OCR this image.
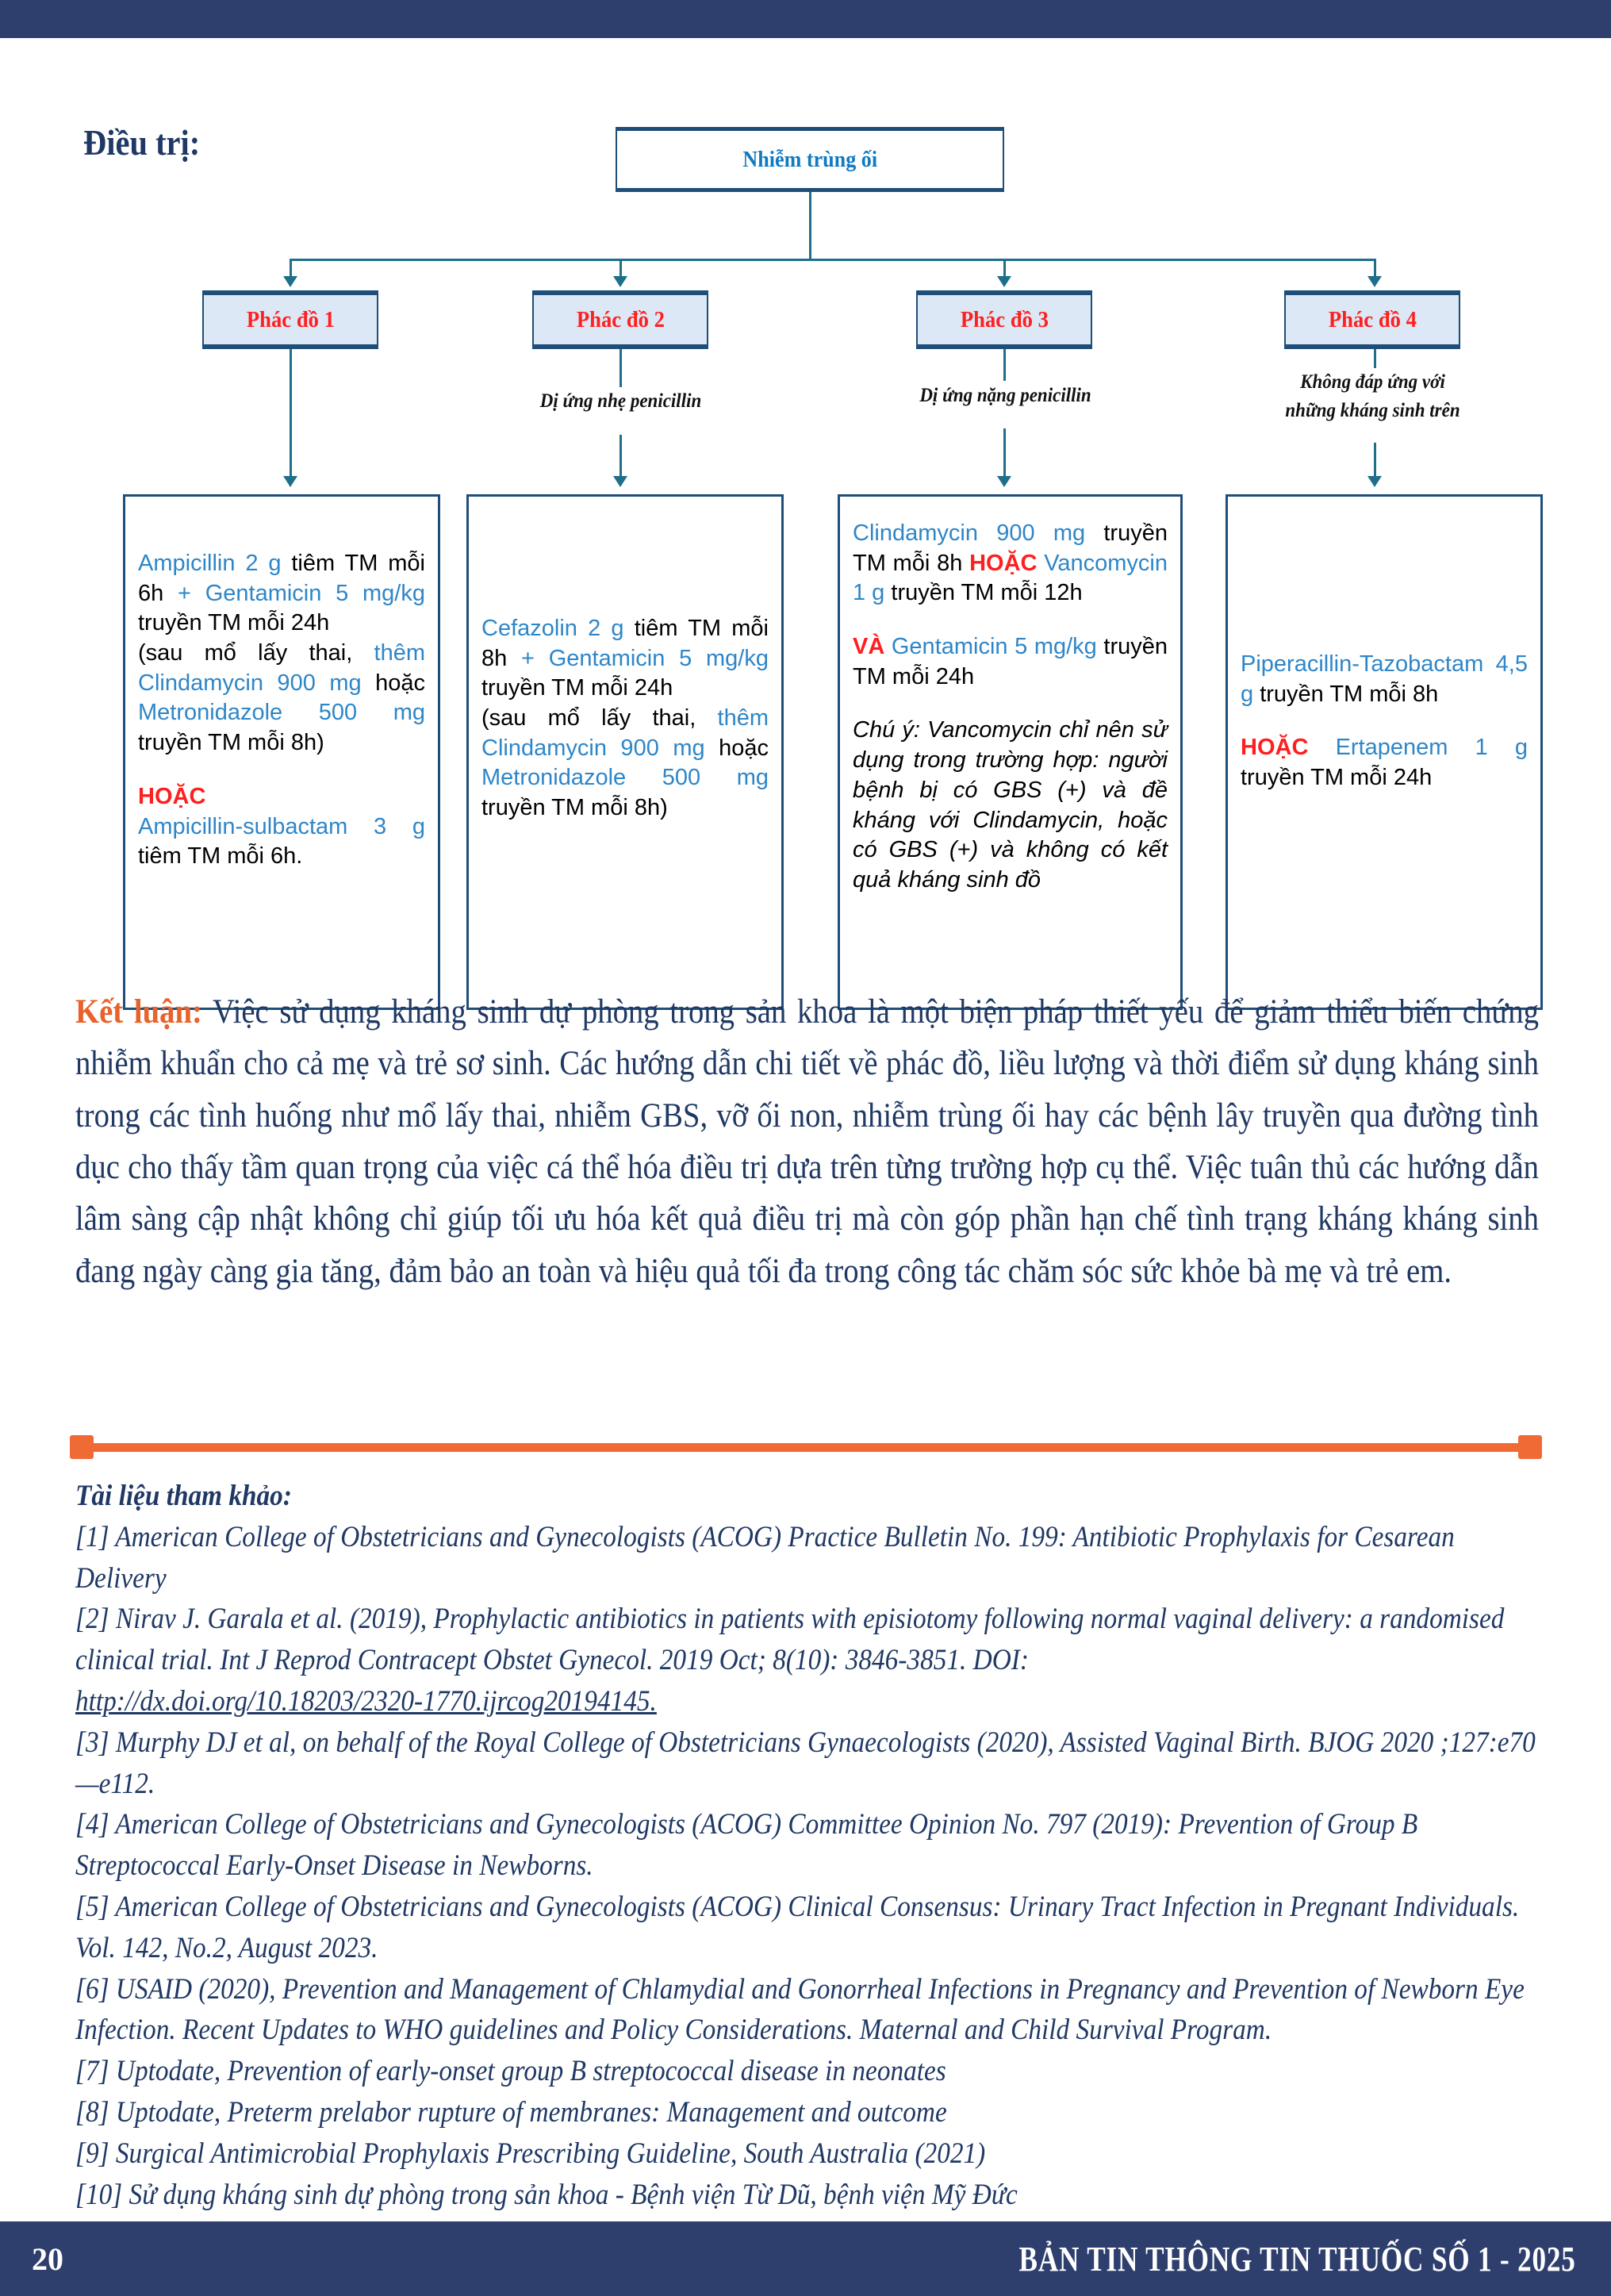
Điều trị:	Nhiễm trùng ối
Phác đồ 1	Phác đồ 2	Phác đồ 3	Phác đồ 4
Dị ứng nhẹ penicillin	Dị ứng nặng penicillin
Không đáp ứng với
những kháng sinh trên

Ampicillin 2 g tiêm TM mỗi 6h + Gentamicin 5 mg/kg truyền TM mỗi 24h

(sau mổ lấy thai, thêm Clindamycin 900 mg hoặc Metronidazole 500 mg truyền TM mỗi 8h)

HOẶC

Ampicillin-sulbactam 3 g tiêm TM mỗi 6h.

Cefazolin 2 g tiêm TM mỗi 8h + Gentamicin 5 mg/kg truyền TM mỗi 24h

(sau mổ lấy thai, thêm Clindamycin 900 mg hoặc Metronidazole 500 mg truyền TM mỗi 8h)

Clindamycin 900 mg truyền TM mỗi 8h HOẶC Vancomycin 1 g truyền TM mỗi 12h

VÀ Gentamicin 5 mg/kg truyền TM mỗi 24h

Chú ý: Vancomycin chỉ nên sử dụng trong trường hợp: người bệnh bị có GBS (+) và đề kháng với Clindamycin, hoặc có GBS (+) và không có kết quả kháng sinh đồ

Piperacillin-Tazobactam 4,5 g truyền TM mỗi 8h

HOẶC Ertapenem 1 g truyền TM mỗi 24h

Kết luận: Việc sử dụng kháng sinh dự phòng trong sản khoa là một biện pháp thiết yếu để giảm thiểu biến chứng nhiễm khuẩn cho cả mẹ và trẻ sơ sinh. Các hướng dẫn chi tiết về phác đồ, liều lượng và thời điểm sử dụng kháng sinh trong các tình huống như mổ lấy thai, nhiễm GBS, vỡ ối non, nhiễm trùng ối hay các bệnh lây truyền qua đường tình dục cho thấy tầm quan trọng của việc cá thể hóa điều trị dựa trên từng trường hợp cụ thể. Việc tuân thủ các hướng dẫn lâm sàng cập nhật không chỉ giúp tối ưu hóa kết quả điều trị mà còn góp phần hạn chế tình trạng kháng kháng sinh đang ngày càng gia tăng, đảm bảo an toàn và hiệu quả tối đa trong công tác chăm sóc sức khỏe bà mẹ và trẻ em.

Tài liệu tham khảo:

[1] American College of Obstetricians and Gynecologists (ACOG) Practice Bulletin No. 199: Antibiotic Prophylaxis for Cesarean Delivery

[2] Nirav J. Garala et al. (2019), Prophylactic antibiotics in patients with episiotomy following normal vaginal delivery: a randomised clinical trial. Int J Reprod Contracept Obstet Gynecol. 2019 Oct; 8(10): 3846-3851. DOI:

http://dx.doi.org/10.18203/2320-1770.ijrcog20194145.

[3] Murphy DJ et al, on behalf of the Royal College of Obstetricians Gynaecologists (2020), Assisted Vaginal Birth. BJOG 2020 ;127:e70—e112.

[4] American College of Obstetricians and Gynecologists (ACOG) Committee Opinion No. 797 (2019): Prevention of Group B Streptococcal Early-Onset Disease in Newborns.

[5] American College of Obstetricians and Gynecologists (ACOG) Clinical Consensus: Urinary Tract Infection in Pregnant Individuals. Vol. 142, No.2, August 2023.

[6] USAID (2020), Prevention and Management of Chlamydial and Gonorrheal Infections in Pregnancy and Prevention of Newborn Eye Infection. Recent Updates to WHO guidelines and Policy Considerations. Maternal and Child Survival Program.

[7] Uptodate, Prevention of early-onset group B streptococcal disease in neonates

[8] Uptodate, Preterm prelabor rupture of membranes: Management and outcome

[9] Surgical Antimicrobial Prophylaxis Prescribing Guideline, South Australia (2021)

[10] Sử dụng kháng sinh dự phòng trong sản khoa - Bệnh viện Từ Dũ, bệnh viện Mỹ Đức

20	BẢN TIN THÔNG TIN THUỐC SỐ 1 - 2025
